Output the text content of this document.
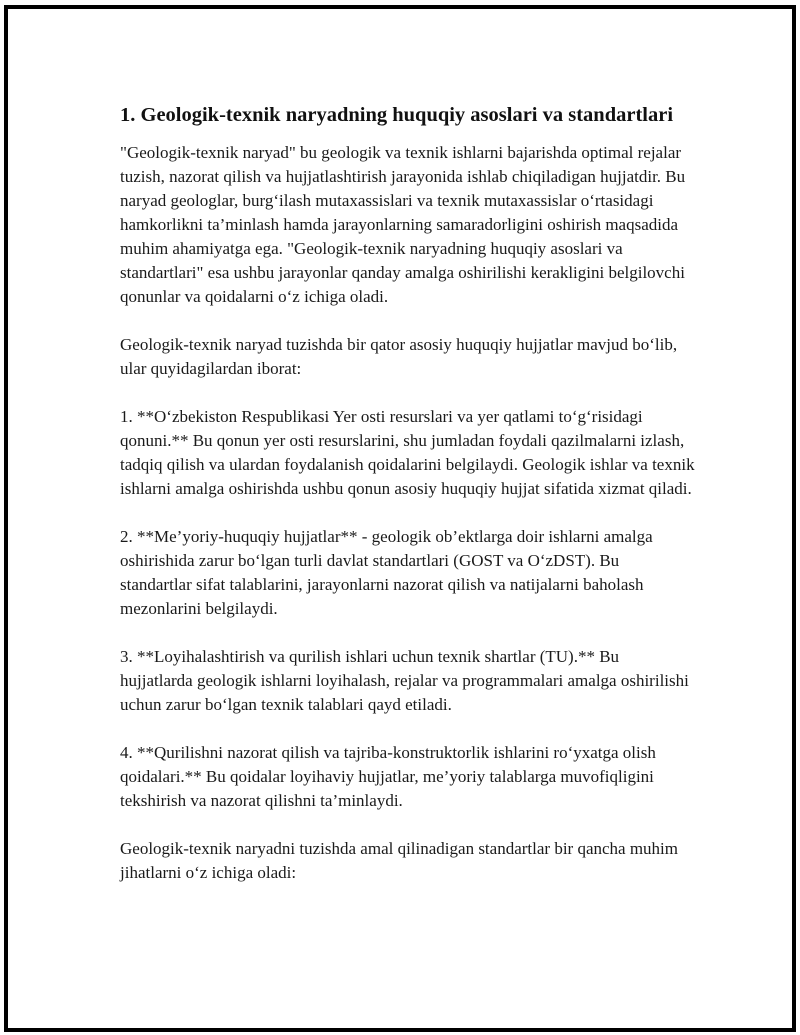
1. Geologik-texnik naryadning huquqiy asoslari va standartlari

"Geologik-texnik naryad" bu geologik va texnik ishlarni bajarishda optimal rejalar tuzish, nazorat qilish va hujjatlashtirish jarayonida ishlab chiqiladigan hujjatdir. Bu naryad geologlar, burg‘ilash mutaxassislari va texnik mutaxassislar o‘rtasidagi hamkorlikni ta’minlash hamda jarayonlarning samaradorligini oshirish maqsadida muhim ahamiyatga ega. "Geologik-texnik naryadning huquqiy asoslari va standartlari" esa ushbu jarayonlar qanday amalga oshirilishi kerakligini belgilovchi qonunlar va qoidalarni o‘z ichiga oladi.

Geologik-texnik naryad tuzishda bir qator asosiy huquqiy hujjatlar mavjud bo‘lib, ular quyidagilardan iborat:

1. **O‘zbekiston Respublikasi Yer osti resurslari va yer qatlami to‘g‘risidagi qonuni.** Bu qonun yer osti resurslarini, shu jumladan foydali qazilmalarni izlash, tadqiq qilish va ulardan foydalanish qoidalarini belgilaydi. Geologik ishlar va texnik ishlarni amalga oshirishda ushbu qonun asosiy huquqiy hujjat sifatida xizmat qiladi.

2. **Me’yoriy-huquqiy hujjatlar** - geologik ob’ektlarga doir ishlarni amalga oshirishida zarur bo‘lgan turli davlat standartlari (GOST va O‘zDST). Bu standartlar sifat talablarini, jarayonlarni nazorat qilish va natijalarni baholash mezonlarini belgilaydi.

3. **Loyihalashtirish va qurilish ishlari uchun texnik shartlar (TU).** Bu hujjatlarda geologik ishlarni loyihalash, rejalar va programmalari amalga oshirilishi uchun zarur bo‘lgan texnik talablari qayd etiladi.

4. **Qurilishni nazorat qilish va tajriba-konstruktorlik ishlarini ro‘yxatga olish qoidalari.** Bu qoidalar loyihaviy hujjatlar, me’yoriy talablarga muvofiqligini tekshirish va nazorat qilishni ta’minlaydi.

Geologik-texnik naryadni tuzishda amal qilinadigan standartlar bir qancha muhim jihatlarni o‘z ichiga oladi:
